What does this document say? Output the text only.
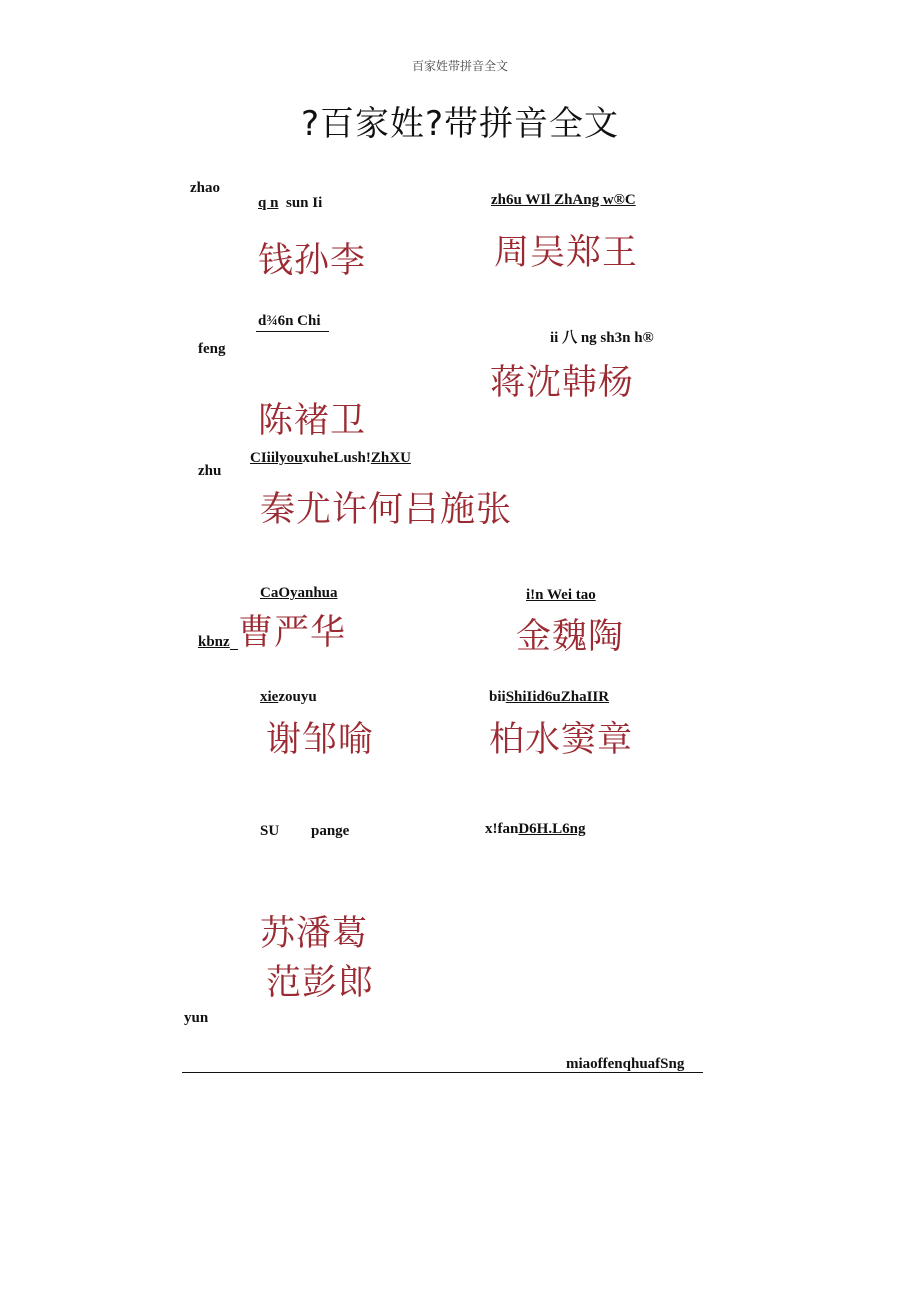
百家姓带拼音全文
?百家姓?带拼音全文
zhao
q n sun Ii	zh6u WIl ZhAng w®C
钱孙李	周吴郑王
d¾6n Chi
feng
ii 八 ng sh3n h®
蒋沈韩杨
陈褚卫
CIiilyouxuheLush!ZhXU
zhu
秦尤许何吕施张
CaOyanhua	i!n Wei tao
kbnz 曹严华	金魏陶
xiezouyu	biiShiIid6uZhaIIR
谢邹喻	柏水窦章
SU pange	x!fanD6H.L6ng
苏潘葛
范彭郎
yun
miaoffenqhuafSng
